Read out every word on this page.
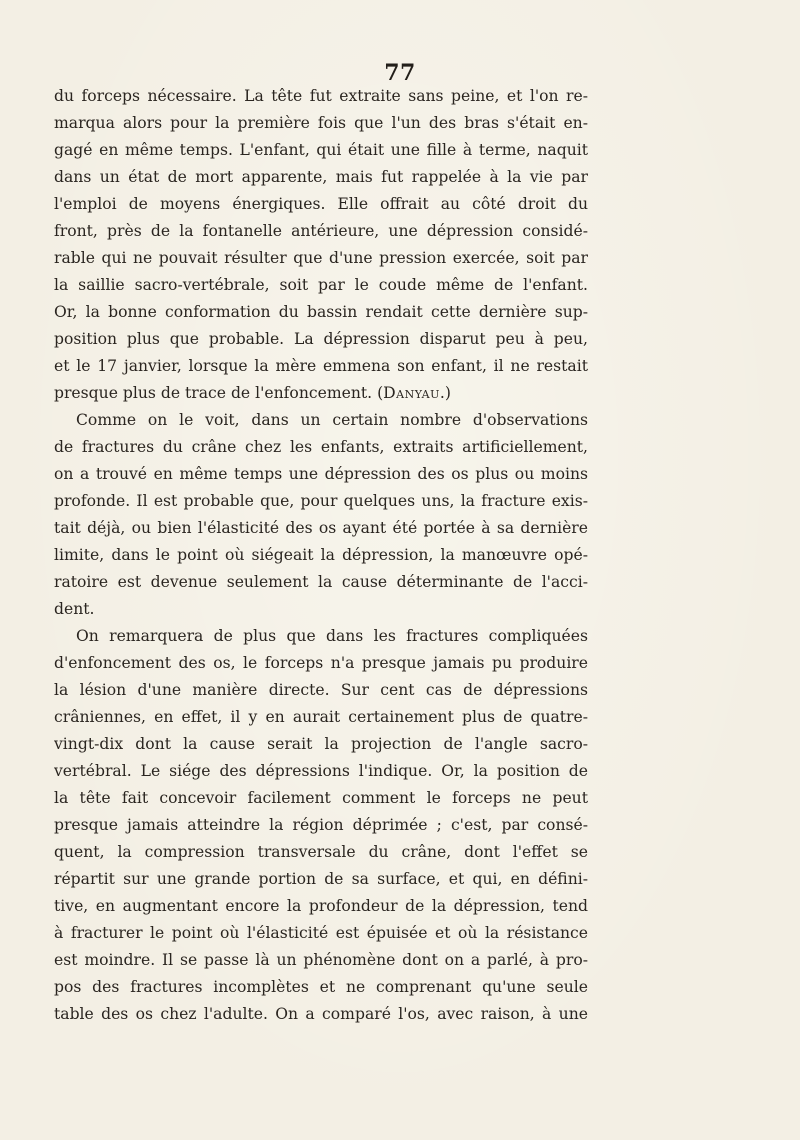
77
du forceps nécessaire. La tête fut extraite sans peine, et l'on re-
marqua alors pour la première fois que l'un des bras s'était en-
gagé en même temps. L'enfant, qui était une fille à terme, naquit
dans un état de mort apparente, mais fut rappelée à la vie par
l'emploi de moyens énergiques. Elle offrait au côté droit du
front, près de la fontanelle antérieure, une dépression considé-
rable qui ne pouvait résulter que d'une pression exercée, soit par
la saillie sacro-vertébrale, soit par le coude même de l'enfant.
Or, la bonne conformation du bassin rendait cette dernière sup-
position plus que probable. La dépression disparut peu à peu,
et le 17 janvier, lorsque la mère emmena son enfant, il ne restait
presque plus de trace de l'enfoncement. (Danyau.)
Comme on le voit, dans un certain nombre d'observations
de fractures du crâne chez les enfants, extraits artificiellement,
on a trouvé en même temps une dépression des os plus ou moins
profonde. Il est probable que, pour quelques uns, la fracture exis-
tait déjà, ou bien l'élasticité des os ayant été portée à sa dernière
limite, dans le point où siégeait la dépression, la manœuvre opé-
ratoire est devenue seulement la cause déterminante de l'acci-
dent.
On remarquera de plus que dans les fractures compliquées
d'enfoncement des os, le forceps n'a presque jamais pu produire
la lésion d'une manière directe. Sur cent cas de dépressions
crâniennes, en effet, il y en aurait certainement plus de quatre-
vingt-dix dont la cause serait la projection de l'angle sacro-
vertébral. Le siége des dépressions l'indique. Or, la position de
la tête fait concevoir facilement comment le forceps ne peut
presque jamais atteindre la région déprimée ; c'est, par consé-
quent, la compression transversale du crâne, dont l'effet se
répartit sur une grande portion de sa surface, et qui, en défini-
tive, en augmentant encore la profondeur de la dépression, tend
à fracturer le point où l'élasticité est épuisée et où la résistance
est moindre. Il se passe là un phénomène dont on a parlé, à pro-
pos des fractures incomplètes et ne comprenant qu'une seule
table des os chez l'adulte. On a comparé l'os, avec raison, à une
